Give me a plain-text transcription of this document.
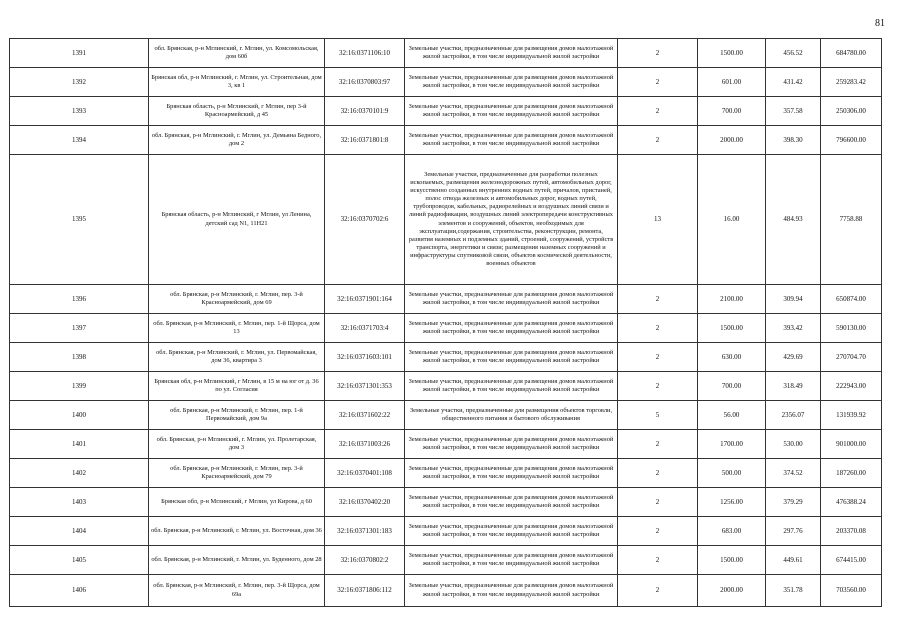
81
1391	обл. Брянская, р-н Мглинский, г. Мглин, ул. Комсомольская, дом 60б	32:16:0371106:10	Земельные участки, предназначенные для размещения домов малоэтажной жилой застройки, в том числе индивидуальной жилой застройки	2	1500.00	456.52	684780.00
1392	Брянская обл, р-н Мглинский, г. Мглин, ул. Строительная, дом 3, кв 1	32:16:0370803:97	Земельные участки, предназначенные для размещения домов малоэтажной жилой застройки, в том числе индивидуальной жилой застройки	2	601.00	431.42	259283.42
1393	Брянская область, р-н Мглинский, г Мглин, пер 3-й Красноармейский, д 45	32:16:0370101:9	Земельные участки, предназначенные для размещения домов малоэтажной жилой застройки, в том числе индивидуальной жилой застройки	2	700.00	357.58	250306.00
1394	обл. Брянская, р-н Мглинский, г. Мглин, ул. Демьяна Бедного, дом 2	32:16:0371801:8	Земельные участки, предназначенные для размещения домов малоэтажной жилой застройки, в том числе индивидуальной жилой застройки	2	2000.00	398.30	796600.00
1395	Брянская область, р-н Мглинский, г Мглин, ул Ленина, детский сад N1, 11Н21	32:16:0370702:6	Земельные участки, предназначенные для разработки полезных ископаемых, размещения железнодорожных путей, автомобильных дорог, искусственно созданных внутренних водных путей, причалов, пристаней, полос отвода железных и автомобильных дорог, водных путей, трубопроводов, кабельных, радиорелейных и воздушных линий связи и линий радиофикации, воздушных линий электропередачи конструктивных элементов и сооружений, объектов, необходимых для эксплуатации,содержания, строительства, реконструкции, ремонта, развития наземных и подземных зданий, строений, сооружений, устройств транспорта, энергетики и связи; размещения наземных сооружений и инфраструктуры спутниковой связи, объектов космической деятельности, военных объектов	13	16.00	484.93	7758.88
1396	обл. Брянская, р-н Мглинский, г. Мглин, пер. 3-й Красноармейский, дом 69	32:16:0371901:164	Земельные участки, предназначенные для размещения домов малоэтажной жилой застройки, в том числе индивидуальной жилой застройки	2	2100.00	309.94	650874.00
1397	обл. Брянская, р-н Мглинский, г. Мглин, пер. 1-й Щорса, дом 13	32:16:0371703:4	Земельные участки, предназначенные для размещения домов малоэтажной жилой застройки, в том числе индивидуальной жилой застройки	2	1500.00	393.42	590130.00
1398	обл. Брянская, р-н Мглинский, г. Мглин, ул. Первомайская, дом 36, квартира 3	32:16:0371603:101	Земельные участки, предназначенные для размещения домов малоэтажной жилой застройки, в том числе индивидуальной жилой застройки	2	630.00	429.69	270704.70
1399	Брянская обл, р-н Мглинский, г Мглин, в 15 м на юг от д. 36 по ул. Согласия	32:16:0371301:353	Земельные участки, предназначенные для размещения домов малоэтажной жилой застройки, в том числе индивидуальной жилой застройки	2	700.00	318.49	222943.00
1400	обл. Брянская, р-н Мглинский, г. Мглин, пер. 1-й Первомайский, дом 9а	32:16:0371602:22	Земельные участки, предназначенные для размещения объектов торговли, общественного питания и бытового обслуживания	5	56.00	2356.07	131939.92
1401	обл. Брянская, р-н Мглинский, г. Мглин, ул. Пролетарская, дом 3	32:16:0371003:26	Земельные участки, предназначенные для размещения домов малоэтажной жилой застройки, в том числе индивидуальной жилой застройки	2	1700.00	530.00	901000.00
1402	обл. Брянская, р-н Мглинский, г. Мглин, пер. 3-й Красноармейский, дом 79	32:16:0370401:108	Земельные участки, предназначенные для размещения домов малоэтажной жилой застройки, в том числе индивидуальной жилой застройки	2	500.00	374.52	187260.00
1403	Брянская обл, р-н Мглинский, г Мглин, ул Кирова, д 60	32:16:0370402:20	Земельные участки, предназначенные для размещения домов малоэтажной жилой застройки, в том числе индивидуальной жилой застройки	2	1256.00	379.29	476388.24
1404	обл. Брянская, р-н Мглинский, г. Мглин, ул. Восточная, дом 36	32:16:0371301:183	Земельные участки, предназначенные для размещения домов малоэтажной жилой застройки, в том числе индивидуальной жилой застройки	2	683.00	297.76	203370.08
1405	обл. Брянская, р-н Мглинский, г. Мглин, ул. Буденного, дом 28	32:16:0370802:2	Земельные участки, предназначенные для размещения домов малоэтажной жилой застройки, в том числе индивидуальной жилой застройки	2	1500.00	449.61	674415.00
1406	обл. Брянская, р-н Мглинский, г. Мглин, пер. 3-й Щорса, дом 69а	32:16:0371806:112	Земельные участки, предназначенные для размещения домов малоэтажной жилой застройки, в том числе индивидуальной жилой застройки	2	2000.00	351.78	703560.00
